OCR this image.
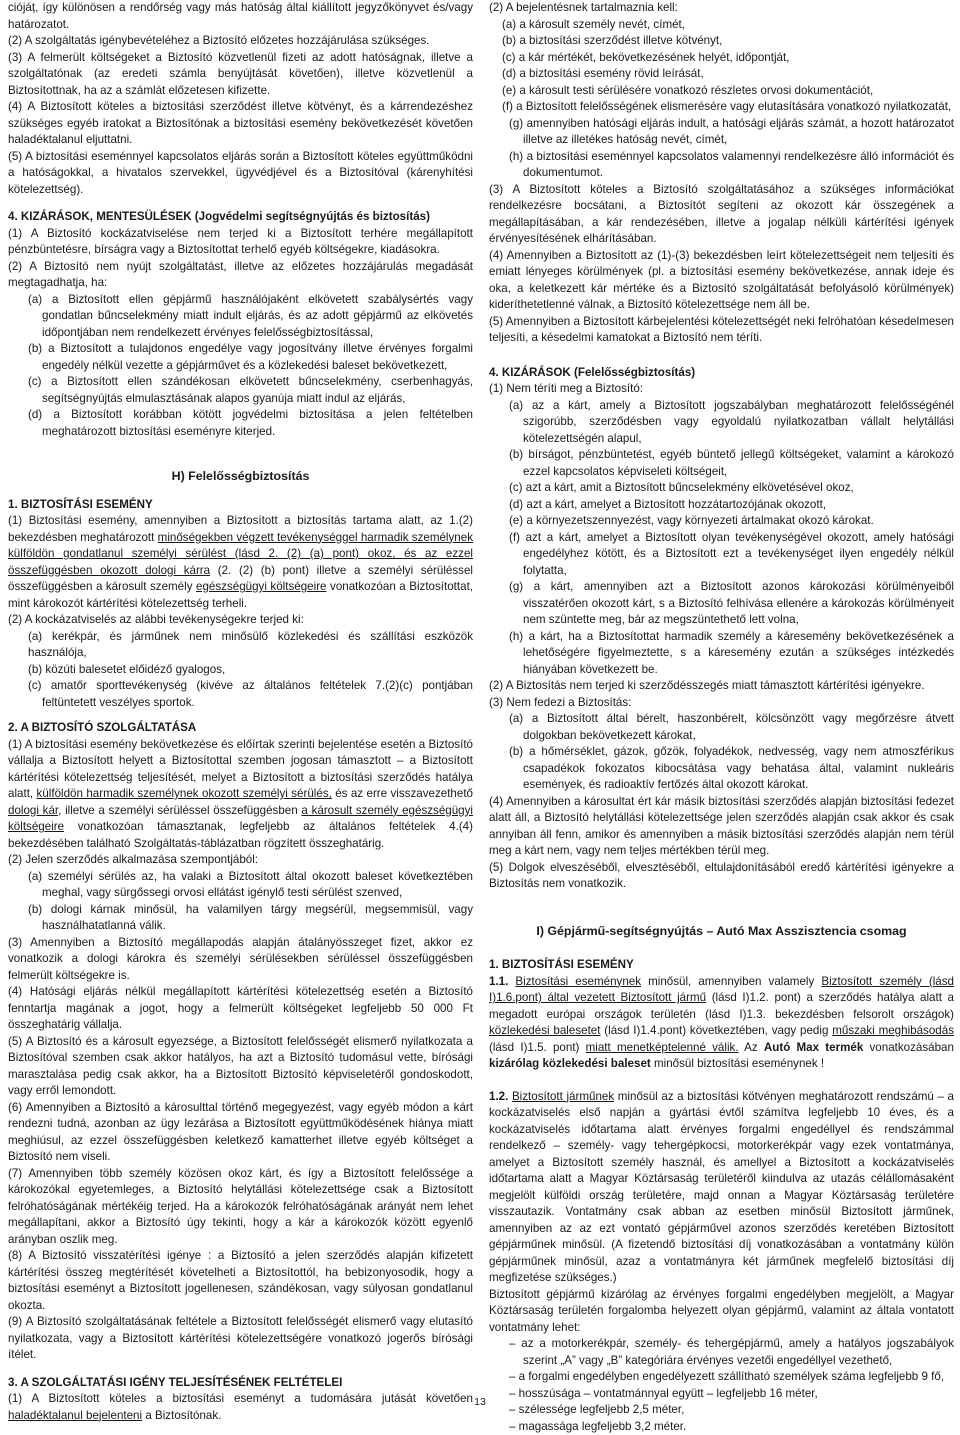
ciójáț, így különösen a rendőrség vagy más hatóság által kiállított jegyzőkönyvet és/vagy határozatot.

(2) A szolgáltatás igénybevételéhez a Biztosító előzetes hozzájárulása szükséges.

(3) A felmerült költségeket a Biztosító közvetlenül fizeti az adott hatóságnak, illetve a szolgáltatónak (az eredeti számla benyújtását követően), illetve közvetlenül a Biztosítottnak, ha az a számlát előzetesen kifizette.

(4) A Biztosított köteles a biztosítási szerződést illetve kötvényt, és a kárrendezéshez szükséges egyéb iratokat a Biztosítónak a biztosítási esemény bekövetkezését követően haladéktalanul eljuttatni.

(5) A biztosítási eseménnyel kapcsolatos eljárás során a Biztosított köteles együttműködni a hatóságokkal, a hivatalos szervekkel, ügyvédjével és a Biztosítóval (kárenyhítési kötelezettség).

4. KIZÁRÁSOK, MENTESÜLÉSEK (Jogvédelmi segítségnyújtás és biztosítás)

(1) A Biztosító kockázatviselése nem terjed ki a Biztosított terhére megállapított pénzbüntetésre, bírságra vagy a Biztosítottat terhelő egyéb költségekre, kiadásokra.

(2) A Biztosító nem nyújt szolgáltatást, illetve az előzetes hozzájárulás megadását megtagadhatja, ha:

(a) a Biztosított ellen gépjármű használójaként elkövetett szabálysértés vagy gondatlan bűncselekmény miatt indult eljárás, és az adott gépjármű az elkövetés időpontjában nem rendelkezett érvényes felelősségbiztosítással,

(b) a Biztosított a tulajdonos engedélye vagy jogosítvány illetve érvényes forgalmi engedély nélkül vezette a gépjárművet és a közlekedési baleset bekövetkezett,

(c) a Biztosított ellen szándékosan elkövetett bűncselekmény, cserbenhagyás, segítségnyújtás elmulasztásának alapos gyanúja miatt indul az eljárás,

(d) a Biztosított korábban kötött jogvédelmi biztosítása a jelen feltételben meghatározott biztosítási eseményre kiterjed.

H) Felelősségbiztosítás

1. BIZTOSÍTÁSI ESEMÉNY

(1) Biztosítási esemény, amennyiben a Biztosított a biztosítás tartama alatt, az 1.(2) bekezdésben meghatározott minőségekben végzett tevékenységgel harmadik személynek külföldön gondatlanul személyi sérülést (lásd 2. (2) (a) pont) okoz, és az ezzel összefüggésben okozott dologi kárra (2. (2) (b) pont) illetve a személyi sérüléssel összefüggésben a károsult személy egészségügyi költségeire vonatkozóan a Biztosítottat, mint károkozót kártérítési kötelezettség terheli.

(2) A kockázatviselés az alábbi tevékenységekre terjed ki:

(a) kerékpár, és járműnek nem minősülő közlekedési és szállítási eszközök használója,

(b) közúti balesetet előidéző gyalogos,

(c) amatőr sporttevékenység (kivéve az általános feltételek 7.(2)(c) pontjában feltüntetett veszélyes sportok.

2. A BIZTOSÍTÓ SZOLGÁLTATÁSA

(1) A biztosítási esemény bekövetkezése és előírtak szerinti bejelentése esetén a Biztosító vállalja a Biztosított helyett a Biztosítottal szemben jogosan támasztott – a Biztosított kártérítési kötelezettség teljesítését, melyet a Biztosított a biztosítási szerződés hatálya alatt, külföldön harmadik személynek okozott személyi sérülés, és az erre visszavezethető dologi kár, illetve a személyi sérüléssel összefüggésben a károsult személy egészségügyi költségeire vonatkozóan támasztanak, legfeljebb az általános feltételek 4.(4) bekezdésében található Szolgáltatás-táblázatban rögzített összeghatárig.

(2) Jelen szerződés alkalmazása szempontjából:

(a) személyi sérülés az, ha valaki a Biztosított által okozott baleset következtében meghal, vagy sürgőssegi orvosi ellátást igénylő testi sérülést szenved,

(b) dologi kárnak minősül, ha valamilyen tárgy megsérül, megsemmisül, vagy használhatatlanná válik.

(3) Amennyiben a Biztosító megállapodás alapján átalányösszeget fizet, akkor ez vonatkozik a dologi károkra és személyi sérülésekben sérüléssel összefüggésben felmerült költségekre is.

(4) Hatósági eljárás nélkül megállapított kártérítési kötelezettség esetén a Biztosító fenntartja magának a jogot, hogy a felmerült költségeket legfeljebb 50 000 Ft összeghatárig vállalja.

(5) A Biztosító és a károsult egyezsége, a Biztosított felelősségét elismerő nyilatkozata a Biztosítóval szemben csak akkor hatályos, ha azt a Biztosító tudomásul vette, bírósági marasztalása pedig csak akkor, ha a Biztosított Biztosító képviseletéről gondoskodott, vagy erről lemondott.

(6) Amennyiben a Biztosító a károsulttal történő megegyezést, vagy egyéb módon a kárt rendezni tudná, azonban az ügy lezárása a Biztosított együttműködésének hiánya miatt meghiúsul, az ezzel összefüggésben keletkező kamatterhet illetve egyéb költséget a Biztosító nem viseli.

(7) Amennyiben több személy közösen okoz kárt, és így a Biztosított felelőssége a károkozókal egyetemleges, a Biztosító helytállási kötelezettsége csak a Biztosított felróhatóságának mértékéig terjed. Ha a károkozók felróhatóságának arányát nem lehet megállapítani, akkor a Biztosító úgy tekinti, hogy a kár a károkozók között egyenlő arányban oszlik meg.

(8) A Biztosító visszatérítési igénye : a Biztosító a jelen szerződés alapján kifizetett kártérítési összeg megtérítését követelheti a Biztosítottól, ha bebizonyosodik, hogy a biztosítási eseményt a Biztosított jogellenesen, szándékosan, vagy súlyosan gondatlanul okozta.

(9) A Biztosító szolgáltatásának feltétele a Biztosított felelősségét elismerő vagy elutasító nyilatkozata, vagy a Biztosított kártérítési kötelezettségére vonatkozó jogerős bírósági ítélet.

3. A SZOLGÁLTATÁSI IGÉNY TELJESÍTÉSÉNEK FELTÉTELEI

(1) A Biztosított köteles a biztosítási eseményt a tudomására jutását követően haladéktalanul bejelenteni a Biztosítónak.

(2) A bejelentésnek tartalmaznia kell:

(a) a károsult személy nevét, címét,

(b) a biztosítási szerződést illetve kötvényt,

(c) a kár mértékét, bekövetkezésének helyét, időpontját,

(d) a biztosítási esemény rövid leírását,

(e) a károsult testi sérülésére vonatkozó részletes orvosi dokumentációt,

(f) a Biztosított felelősségének elismerésére vagy elutasítására vonatkozó nyilatkozatát,

(g) amennyiben hatósági eljárás indult, a hatósági eljárás számát, a hozott határozatot illetve az illetékes hatóság nevét, címét,

(h) a biztosítási eseménnyel kapcsolatos valamennyi rendelkezésre álló információt és dokumentumot.

(3) A Biztosított köteles a Biztosító szolgáltatásához a szükséges információkat rendelkezésre bocsátani, a Biztosítót segíteni az okozott kár összegének a megállapításában, a kár rendezésében, illetve a jogalap nélküli kártérítési igények érvényesítésének elhárításában.

(4) Amennyiben a Biztosított az (1)-(3) bekezdésben leírt kötelezettségeit nem teljesíti és emiatt lényeges körülmények (pl. a biztosítási esemény bekövetkezése, annak ideje és oka, a keletkezett kár mértéke és a Biztosító szolgáltatását befolyásoló körülmények) kideríthetetlenné válnak, a Biztosító kötelezettsége nem áll be.

(5) Amennyiben a Biztosított kárbejelentési kötelezettségét neki felróhatóan késedelmesen teljesíti, a késedelmi kamatokat a Biztosító nem téríti.

4. KIZÁRÁSOK (Felelősségbiztosítás)

(1) Nem téríti meg a Biztosító:

(a) az a kárt, amely a Biztosított jogszabályban meghatározott felelősségénél szigorúbb, szerződésben vagy egyoldalú nyilatkozatban vállalt helytállási kötelezettségén alapul,

(b) bírságot, pénzbüntetést, egyéb büntető jellegű költségeket, valamint a károkozó ezzel kapcsolatos képviseleti költségeit,

(c) azt a kárt, amit a Biztosított bűncselekmény elkövetésével okoz,

(d) azt a kárt, amelyet a Biztosított hozzátartozójának okozott,

(e) a környezetszennyezést, vagy környezeti ártalmakat okozó károkat.

(f) azt a kárt, amelyet a Biztosított olyan tevékenységével okozott, amely hatósági engedélyhez kötött, és a Biztosított ezt a tevékenységet ilyen engedély nélkül folytatta,

(g) a kárt, amennyiben azt a Biztosított azonos károkozási körülményeiből visszatérően okozott kárt, s a Biztosító felhívása ellenére a károkozás körülményeit nem szüntette meg, bár az megszüntethető lett volna,

(h) a kárt, ha a Biztosítottat harmadik személy a káresemény bekövetkezésének a lehetőségére figyelmeztette, s a káresemény ezután a szükséges intézkedés hiányában következett be.

(2) A Biztosítás nem terjed ki szerződésszegés miatt támasztott kártérítési igényekre.

(3) Nem fedezi a Biztosítás:

(a) a Biztosított által bérelt, haszonbérelt, kölcsönzött vagy megőrzésre átvett dolgokban bekövetkezett károkat,

(b) a hőmérséklet, gázok, gőzök, folyadékok, nedvesség, vagy nem atmoszférikus csapadékok fokozatos kibocsátása vagy behatása által, valamint nukleáris események, és radioaktív fertőzés által okozott károkat.

(4) Amennyiben a károsultat ért kár másik biztosítási szerződés alapján biztosítási fedezet alatt áll, a Biztosító helytállási kötelezettsége jelen szerződés alapján csak akkor és csak annyiban áll fenn, amikor és amennyiben a másik biztosítási szerződés alapján nem térül meg a kárt nem, vagy nem teljes mértékben térül meg.

(5) Dolgok elveszéséből, elvesztéséből, eltulajdonításából eredő kártérítési igényekre a Biztosítás nem vonatkozik.

I) Gépjármű-segítségnyújtás – Autó Max Asszisztencia csomag

1. BIZTOSÍTÁSI ESEMÉNY

1.1. Biztosítási eseménynek minősül, amennyiben valamely Biztosított személy (lásd I)1.6.pont) által vezetett Biztosított jármű (lásd I)1.2. pont) a szerződés hatálya alatt a megadott európai országok területén (lásd I)1.3. bekezdésben felsorolt országok) közlekedési balesetet (lásd I)1.4.pont) következtében, vagy pedig műszaki meghibásodás (lásd I)1.5. pont) miatt menetképtelenné válik. Az Autó Max termék vonatkozásában kizárólag közlekedési baleset minősül biztosítási eseménynek !

1.2. Biztosított járműnek minősül az a biztosítási kötvényen meghatározott rendszámú – a kockázatviselés első napján a gyártási évtől számítva legfeljebb 10 éves, és a kockázatviselés időtartama alatt érvényes forgalmi engedéllyel és rendszámmal rendelkező – személy- vagy tehergépkocsi, motorkerékpár vagy ezek vontatmánya, amelyet a Biztosított személy használ, és amellyel a Biztosított a kockázatviselés időtartama alatt a Magyar Köztársaság területéről kiindulva az utazás célállomásaként megjelölt külföldi ország területére, majd onnan a Magyar Köztársaság területére visszautazik. Vontatmány csak abban az esetben minősül Biztosított járműnek, amennyiben az az ezt vontató gépjárművel azonos szerződés keretében Biztosított gépjárműnek minősül. (A fizetendő biztosítási díj vonatkozásában a vontatmány külön gépjárműnek minősül, azaz a vontatmányra két járműnek megfelelő biztosítási díj megfizetése szükséges.)

Biztosított gépjármű kizárólag az érvényes forgalmi engedélyben megjelölt, a Magyar Köztársaság területén forgalomba helyezett olyan gépjármű, valamint az általa vontatott vontatmány lehet:

– az a motorkerékpár, személy- és tehergépjármű, amely a hatályos jogszabályok szerint „A” vagy „B” kategóriára érvényes vezetői engedéllyel vezethető,

– a forgalmi engedélyben engedélyezett szállítható személyek száma legfeljebb 9 fő,

– hosszúsága – vontatmánnyal együtt – legfeljebb 16 méter,

– szélessége legfeljebb 2,5 méter,

– magassága legfeljebb 3,2 méter.

13
